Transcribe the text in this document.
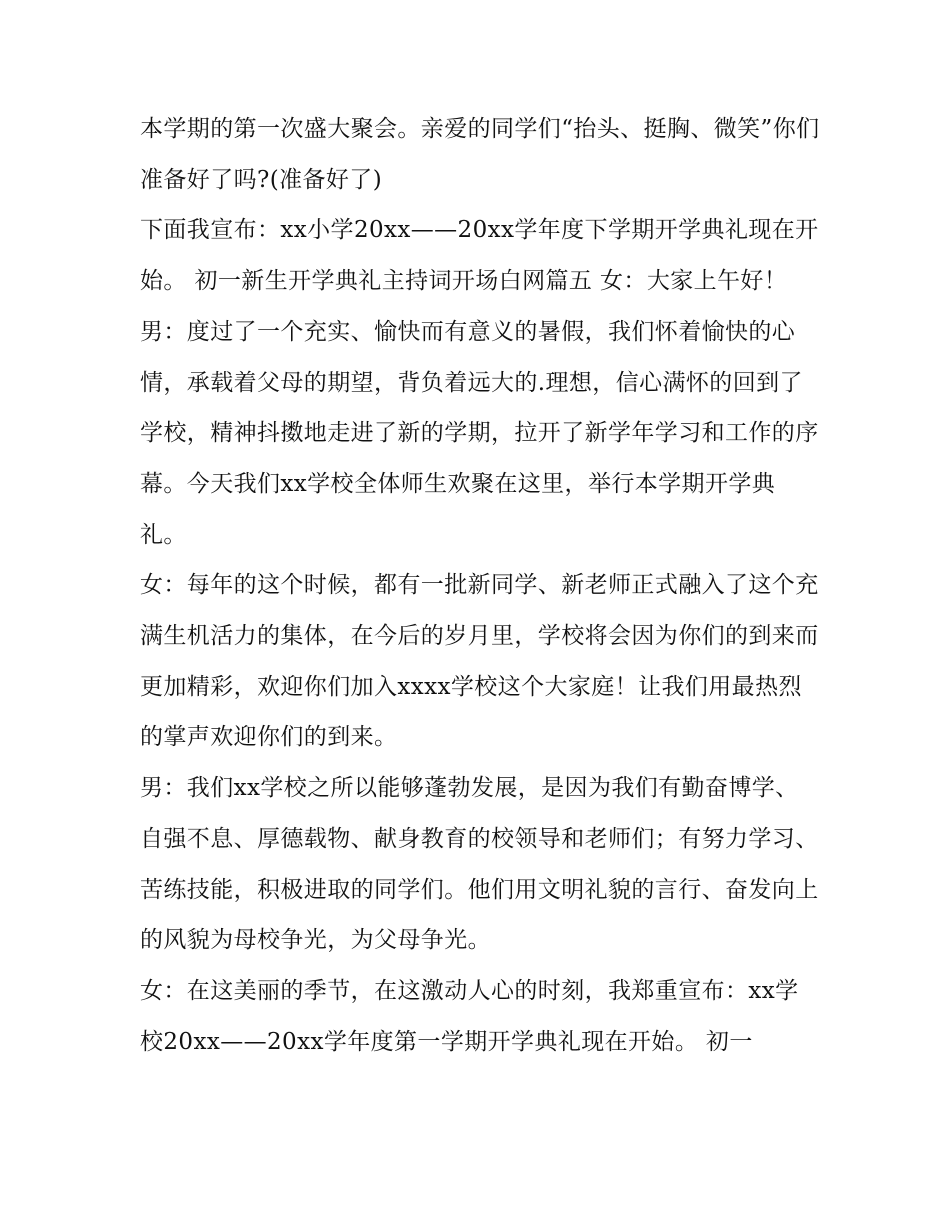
本学期的第一次盛大聚会。亲爱的同学们“抬头、挺胸、微笑”你们准备好了吗?(准备好了)

下面我宣布：xx小学20xx——20xx学年度下学期开学典礼现在开始。 初一新生开学典礼主持词开场白网篇五 女：大家上午好！

男：度过了一个充实、愉快而有意义的暑假，我们怀着愉快的心情，承载着父母的期望，背负着远大的.理想，信心满怀的回到了学校，精神抖擞地走进了新的学期，拉开了新学年学习和工作的序幕。今天我们xx学校全体师生欢聚在这里，举行本学期开学典礼。

女：每年的这个时候，都有一批新同学、新老师正式融入了这个充满生机活力的集体，在今后的岁月里，学校将会因为你们的到来而更加精彩，欢迎你们加入xxxx学校这个大家庭！让我们用最热烈的掌声欢迎你们的到来。

男：我们xx学校之所以能够蓬勃发展，是因为我们有勤奋博学、自强不息、厚德载物、献身教育的校领导和老师们；有努力学习、苦练技能，积极进取的同学们。他们用文明礼貌的言行、奋发向上的风貌为母校争光，为父母争光。

女：在这美丽的季节，在这激动人心的时刻，我郑重宣布：xx学校20xx——20xx学年度第一学期开学典礼现在开始。 初一
